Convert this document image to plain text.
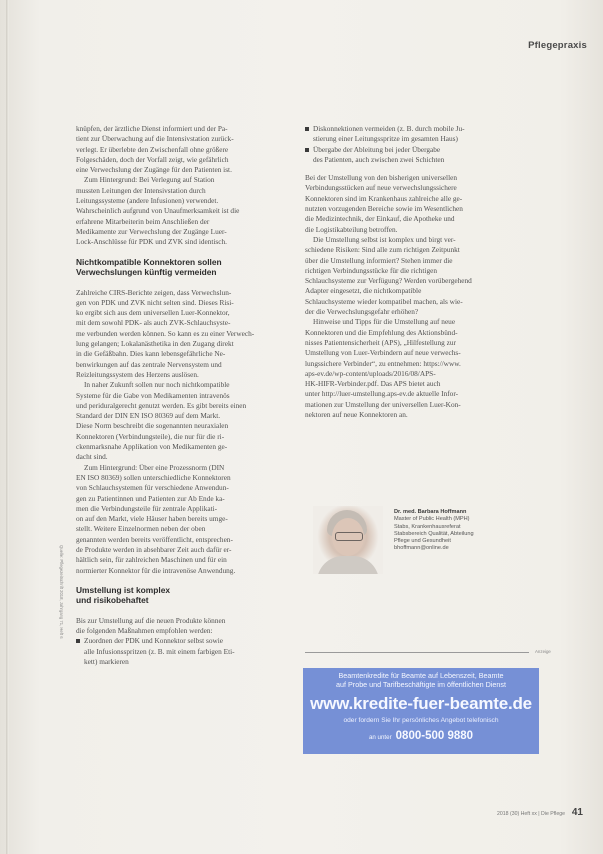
Pflegepraxis

knüpfen, der ärztliche Dienst informiert und der Pa-
tient zur Überwachung auf die Intensivstation zurück-
verlegt. Er überlebte den Zwischenfall ohne größere
Folgeschäden, doch der Vorfall zeigt, wie gefährlich
eine Verwechslung der Zugänge für den Patienten ist.

Zum Hintergrund: Bei Verlegung auf Station
mussten Leitungen der Intensivstation durch
Leitungssysteme (andere Infusionen) verwendet.
Wahrscheinlich aufgrund von Unaufmerksamkeit ist die
erfahrene Mitarbeiterin beim Anschließen der
Medikamente zur Verwechslung der Zugänge Luer-
Lock-Anschlüsse für PDK und ZVK sind identisch.

Nichtkompatible Konnektoren sollen
Verwechslungen künftig vermeiden

Zahlreiche CIRS-Berichte zeigen, dass Verwechslun-
gen von PDK und ZVK nicht selten sind. Dieses Risi-
ko ergibt sich aus dem universellen Luer-Konnektor,
mit dem sowohl PDK- als auch ZVK-Schlauchsyste-
me verbunden werden können. So kann es zu einer Verwech-
lung gelangen; Lokalanästhetika in den Zugang direkt
in die Gefäßbahn. Dies kann lebensgefährliche Ne-
benwirkungen auf das zentrale Nervensystem und
Reizleitungssystem des Herzens auslösen.

In naher Zukunft sollen nur noch nichtkompatible
Systeme für die Gabe von Medikamenten intravenös
und periduralgerecht genutzt werden. Es gibt bereits einen
Standard der DIN EN ISO 80369 auf dem Markt.
Diese Norm beschreibt die sogenannten neuraxialen
Konnektoren (Verbindungsteile), die nur für die ri-
ckenmarksnahe Applikation von Medikamenten ge-
dacht sind.

Zum Hintergrund: Über eine Prozessnorm (DIN
EN ISO 80369) sollen unterschiedliche Konnektoren
von Schlauchsystemen für verschiedene Anwendun-
gen zu Patientinnen und Patienten zur Ab Ende ka-
men die Verbindungsteile für zentrale Applikati-
on auf den Markt, viele Häuser haben bereits umge-
stellt. Weitere Einzelnormen neben der oben
genannten werden bereits veröffentlicht, entsprechen-
de Produkte werden in absehbarer Zeit auch dafür er-
hältlich sein, für zahlreichen Maschinen und für ein
normierter Konnektor für die intravenöse Anwendung.

Umstellung ist komplex
und risikobehaftet

Bis zur Umstellung auf die neuen Produkte können
die folgenden Maßnahmen empfohlen werden:

Zuordnen der PDK und Konnektor selbst sowie
alle Infusionsspritzen (z. B. mit einem farbigen Eti-
kett) markieren
Quelle: Pflegezeitschrift 2018, Jahrgang 71, Heft 6
Diskonnektionen vermeiden (z. B. durch mobile Ju-
stierung einer Leitungsspritze im gesamten Haus)
Übergabe der Ableitung bei jeder Übergabe
des Patienten, auch zwischen zwei Schichten

Bei der Umstellung von den bisherigen universellen
Verbindungsstücken auf neue verwechslungssichere
Konnektoren sind im Krankenhaus zahlreiche alle ge-
nutzten vorzugenden Bereiche sowie im Wesentlichen
die Medizintechnik, der Einkauf, die Apotheke und
die Logistikabteilung betroffen.

Die Umstellung selbst ist komplex und birgt ver-
schiedene Risiken: Sind alle zum richtigen Zeitpunkt
über die Umstellung informiert? Stehen immer die
richtigen Verbindungsstücke für die richtigen
Schlauchsysteme zur Verfügung? Werden vorübergehend
Adapter eingesetzt, die nichtkompatible
Schlauchsysteme wieder kompatibel machen, als wie-
der die Verwechslungsgefahr erhöhen?

Hinweise und Tipps für die Umstellung auf neue
Konnektoren und die Empfehlung des Aktionsbünd-
nisses Patientensicherheit (APS), „Hilfestellung zur
Umstellung von Luer-Verbindern auf neue verwechs-
lungssichere Verbinder“, zu entnehmen: https://www.
aps-ev.de/wp-content/uploads/2016/08/APS-
HK-HIFR-Verbinder.pdf. Das APS bietet auch
unter http://luer-umstellung.aps-ev.de aktuelle Infor-
mationen zur Umstellung der universellen Luer-Kon-
nektoren auf neue Konnektoren an.

Dr. med. Barbara Hoffmann
Master of Public Health (MPH)
Stabs, Krankenhausreferat
Stabsbereich Qualität, Abteilung
Pflege und Gesundheit
bhoffmann@online.de
Anzeige
Beamtenkredite für Beamte auf Lebenszeit, Beamte
auf Probe und Tarifbeschäftigte im öffentlichen Dienst
www.kredite-fuer-beamte.de
oder fordern Sie Ihr persönliches Angebot telefonisch
an unter 0800-500 9880
2018 (30) Heft xx | Die Pflege 41
